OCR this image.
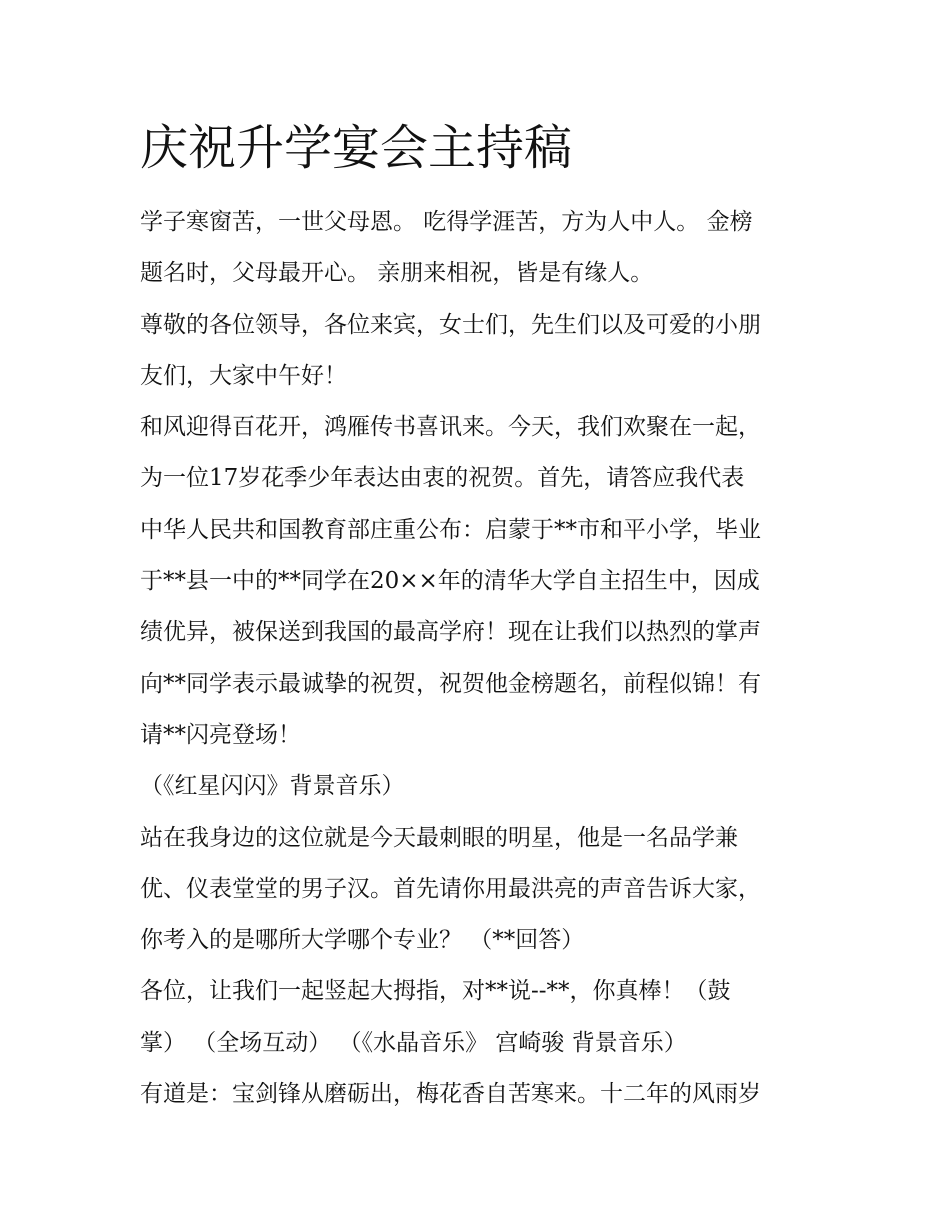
庆祝升学宴会主持稿
学子寒窗苦，一世父母恩。 吃得学涯苦，方为人中人。 金榜
题名时，父母最开心。 亲朋来相祝，皆是有缘人。
尊敬的各位领导，各位来宾，女士们，先生们以及可爱的小朋
友们，大家中午好！
和风迎得百花开，鸿雁传书喜讯来。今天，我们欢聚在一起，
为一位17岁花季少年表达由衷的祝贺。首先，请答应我代表
中华人民共和国教育部庄重公布：启蒙于**市和平小学，毕业
于**县一中的**同学在20××年的清华大学自主招生中，因成
绩优异，被保送到我国的最高学府！现在让我们以热烈的掌声
向**同学表示最诚挚的祝贺，祝贺他金榜题名，前程似锦！有
请**闪亮登场！
（《红星闪闪》背景音乐）
站在我身边的这位就是今天最刺眼的明星，他是一名品学兼
优、仪表堂堂的男子汉。首先请你用最洪亮的声音告诉大家，
你考入的是哪所大学哪个专业？ （**回答）
各位，让我们一起竖起大拇指，对**说--**，你真棒！（鼓
掌） （全场互动） （《水晶音乐》 宫崎骏 背景音乐）
有道是：宝剑锋从磨砺出，梅花香自苦寒来。十二年的风雨岁
